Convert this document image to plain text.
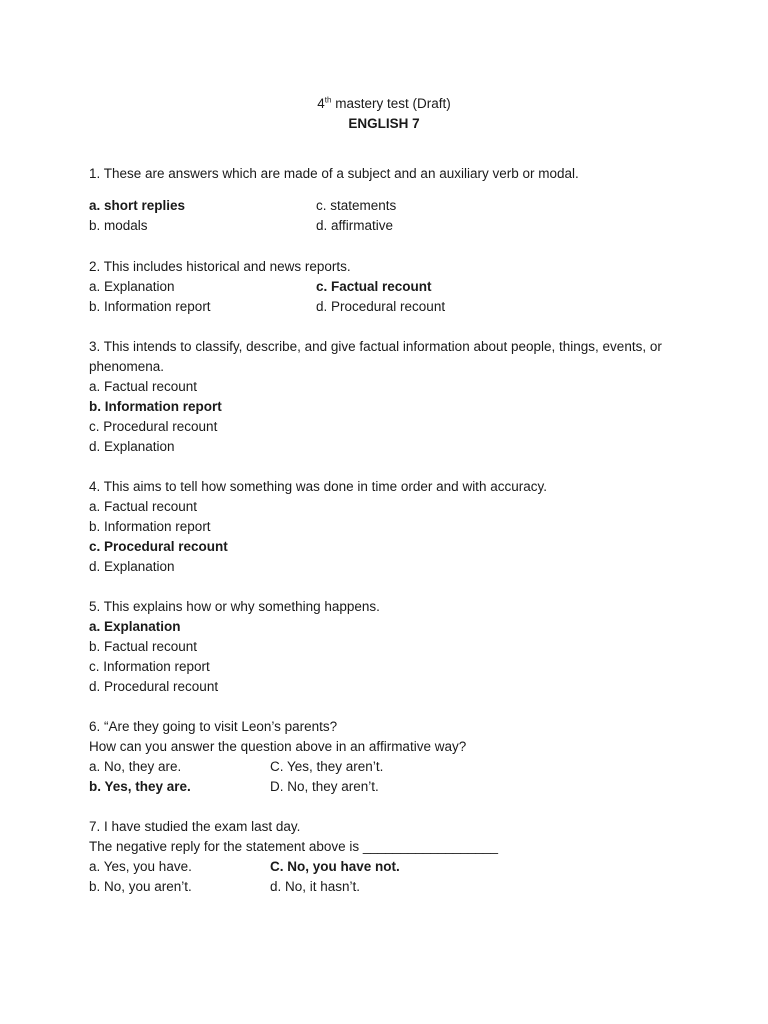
4th mastery test (Draft)
ENGLISH 7
1. These are answers which are made of a subject and an auxiliary verb or modal.
a. short replies	c. statements
b. modals	d. affirmative
2. This includes historical and news reports.
a. Explanation	c. Factual recount
b. Information report	d. Procedural recount
3. This intends to classify, describe, and give factual information about people, things, events, or
phenomena.
a. Factual recount
b. Information report
c. Procedural recount
d. Explanation
4. This aims to tell how something was done in time order and with accuracy.
a. Factual recount
b. Information report
c. Procedural recount
d. Explanation
5. This explains how or why something happens.
a. Explanation
b. Factual recount
c. Information report
d. Procedural recount
6. “Are they going to visit Leon’s parents?
How can you answer the question above in an affirmative way?
a. No, they are.	C. Yes, they aren’t.
b. Yes, they are.	D. No, they aren’t.
7. I have studied the exam last day.
The negative reply for the statement above is __________________
a. Yes, you have.	C. No, you have not.
b. No, you aren’t.	d. No, it hasn’t.
